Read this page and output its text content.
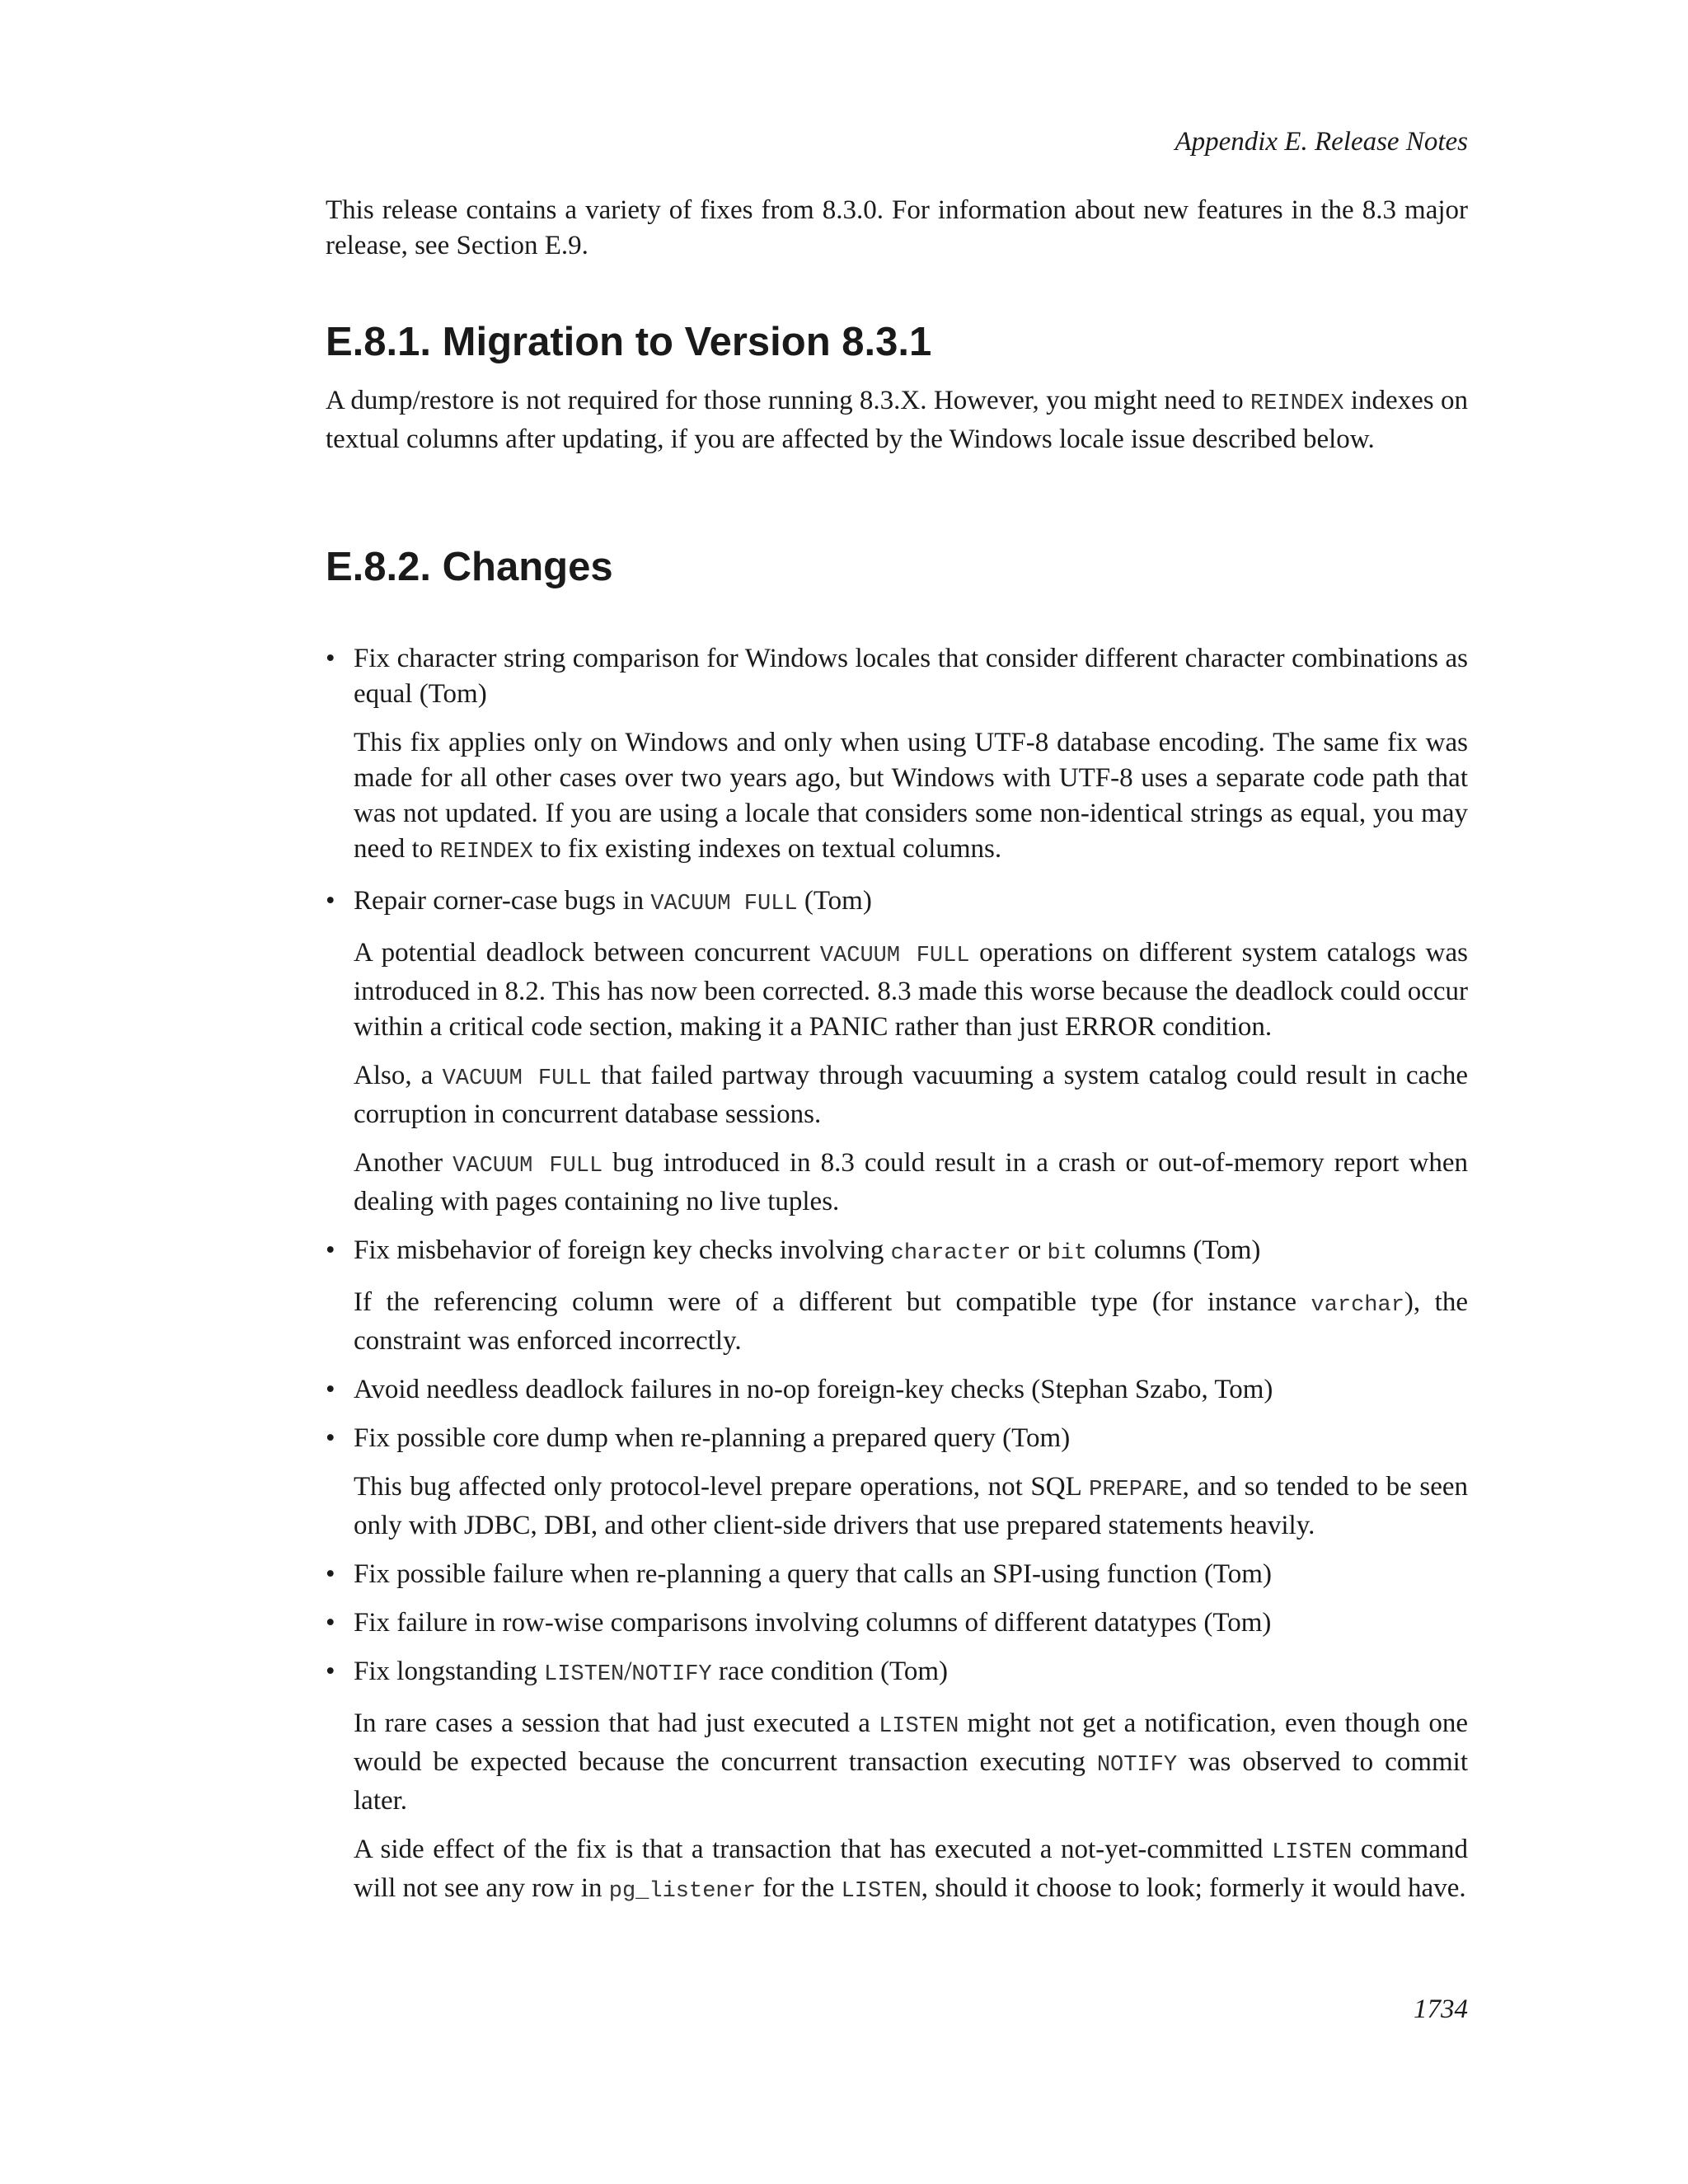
Appendix E. Release Notes

This release contains a variety of fixes from 8.3.0. For information about new features in the 8.3 major release, see Section E.9.

E.8.1. Migration to Version 8.3.1

A dump/restore is not required for those running 8.3.X. However, you might need to REINDEX indexes on textual columns after updating, if you are affected by the Windows locale issue described below.

E.8.2. Changes
• Fix character string comparison for Windows locales that consider different character combinations as equal (Tom)

This fix applies only on Windows and only when using UTF-8 database encoding. The same fix was made for all other cases over two years ago, but Windows with UTF-8 uses a separate code path that was not updated. If you are using a locale that considers some non-identical strings as equal, you may need to REINDEX to fix existing indexes on textual columns.

• Repair corner-case bugs in VACUUM FULL (Tom)

A potential deadlock between concurrent VACUUM FULL operations on different system catalogs was introduced in 8.2. This has now been corrected. 8.3 made this worse because the deadlock could occur within a critical code section, making it a PANIC rather than just ERROR condition.

Also, a VACUUM FULL that failed partway through vacuuming a system catalog could result in cache corruption in concurrent database sessions.

Another VACUUM FULL bug introduced in 8.3 could result in a crash or out-of-memory report when dealing with pages containing no live tuples.

• Fix misbehavior of foreign key checks involving character or bit columns (Tom)

If the referencing column were of a different but compatible type (for instance varchar), the constraint was enforced incorrectly.

• Avoid needless deadlock failures in no-op foreign-key checks (Stephan Szabo, Tom)

• Fix possible core dump when re-planning a prepared query (Tom)

This bug affected only protocol-level prepare operations, not SQL PREPARE, and so tended to be seen only with JDBC, DBI, and other client-side drivers that use prepared statements heavily.

• Fix possible failure when re-planning a query that calls an SPI-using function (Tom)

• Fix failure in row-wise comparisons involving columns of different datatypes (Tom)

• Fix longstanding LISTEN/NOTIFY race condition (Tom)

In rare cases a session that had just executed a LISTEN might not get a notification, even though one would be expected because the concurrent transaction executing NOTIFY was observed to commit later.

A side effect of the fix is that a transaction that has executed a not-yet-committed LISTEN command will not see any row in pg_listener for the LISTEN, should it choose to look; formerly it would have.

1734
